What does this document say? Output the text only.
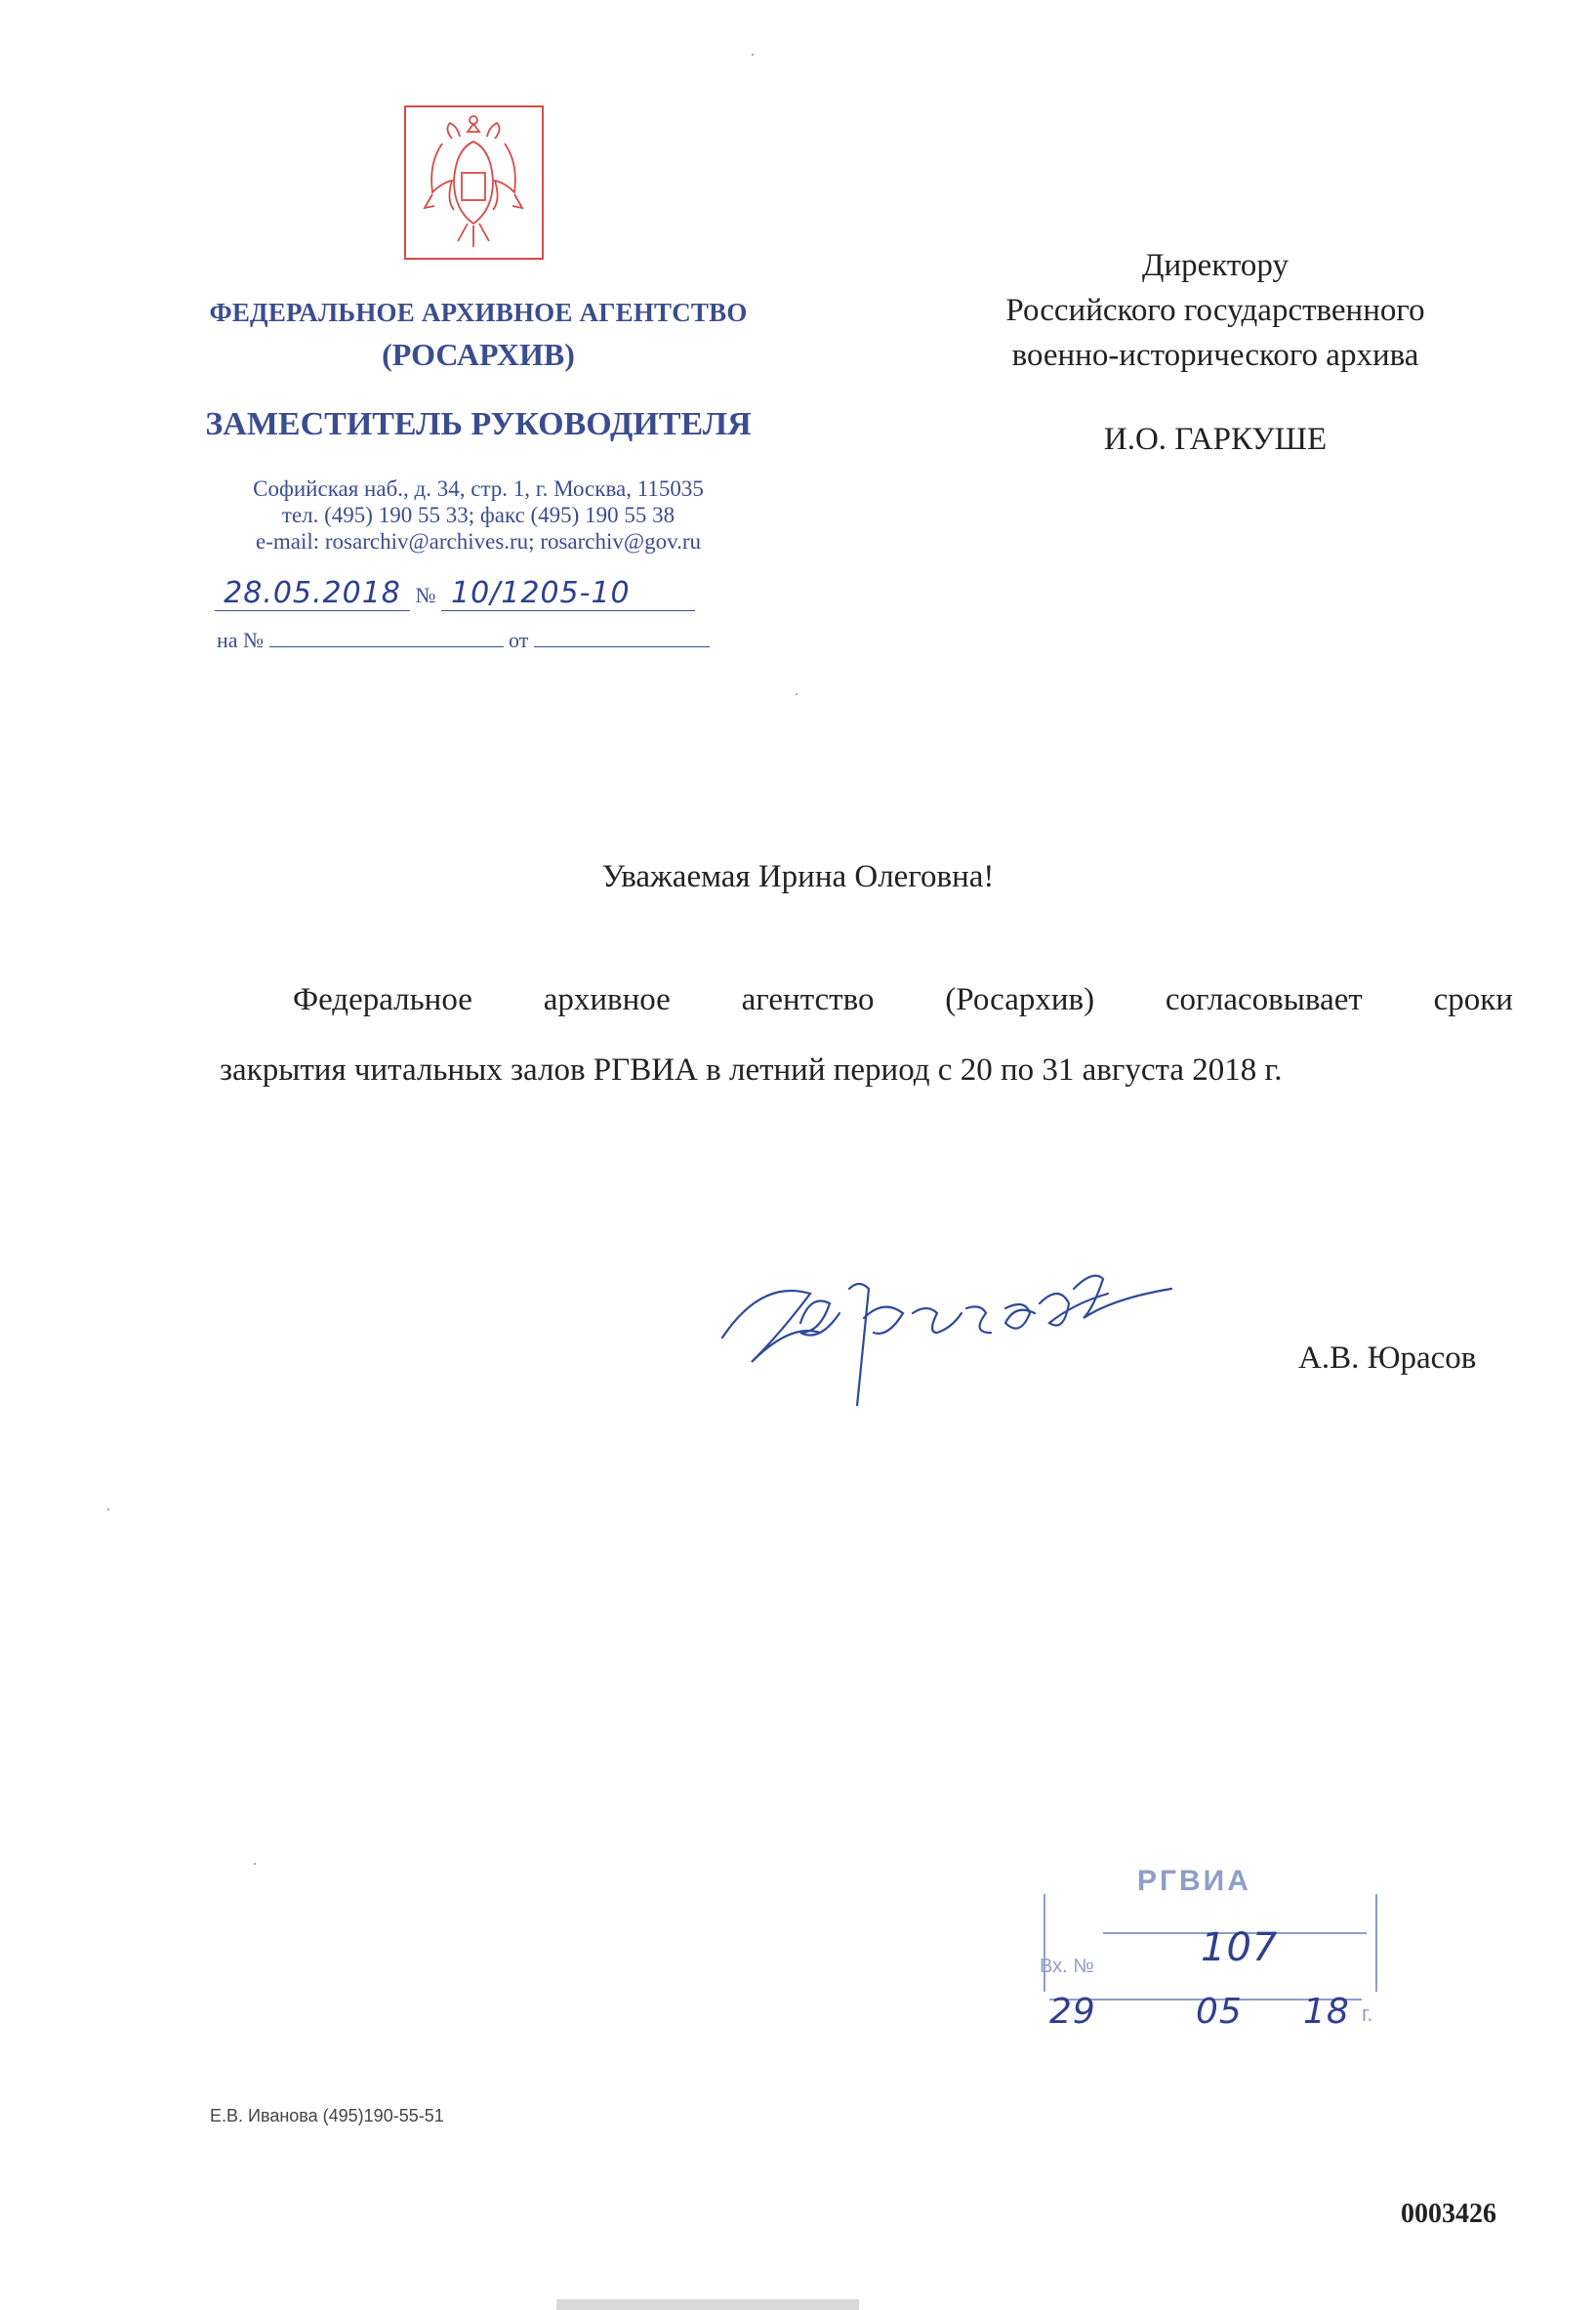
ФЕДЕРАЛЬНОЕ АРХИВНОЕ АГЕНТСТВО
(РОСАРХИВ)
ЗАМЕСТИТЕЛЬ РУКОВОДИТЕЛЯ
Софийская наб., д. 34, стр. 1, г. Москва, 115035
тел. (495) 190 55 33; факс (495) 190 55 38
e-mail: rosarchiv@archives.ru; rosarchiv@gov.ru
28.05.2018 № 10/1205-10
на №	от
Директору
Российского государственного
военно-исторического архива
И.О. ГАРКУШЕ
Уважаемая Ирина Олеговна!
Федеральное архивное агентство (Росархив) согласовывает сроки
закрытия читальных залов РГВИА в летний период с 20 по 31 августа 2018 г.
А.В. Юрасов
РГВИА
Вх. №	107
29	05 18 г.
Е.В. Иванова (495)190-55-51
0003426
